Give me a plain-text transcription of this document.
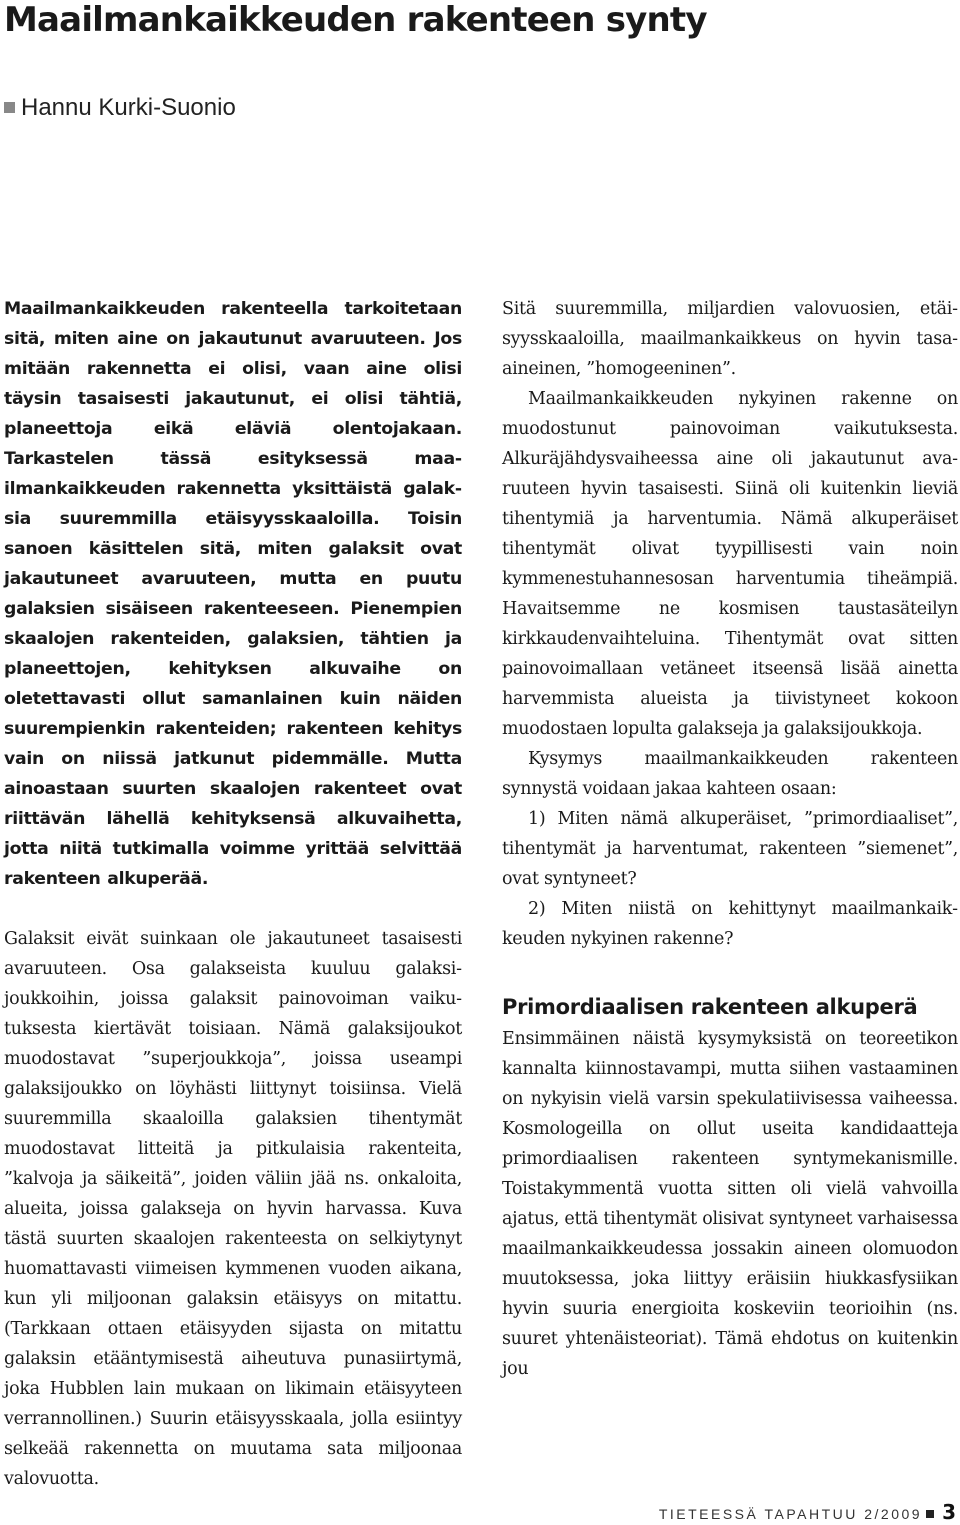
Maailmankaikkeuden rakenteen synty
Hannu Kurki-Suonio

Maailmankaikkeuden rakenteella tarkoitetaan sitä, miten aine on jakautunut avaruuteen. Jos mitään rakennetta ei olisi, vaan aine olisi täysin tasaisesti jakautunut, ei olisi tähtiä, planeettoja eikä eläviä olentojakaan. Tarkastelen tässä esityksessä maailmankaikkeuden rakennetta yksittäistä galaksia suuremmilla etäisyysskaaloilla. Toisin sanoen käsittelen sitä, miten galaksit ovat jakautuneet avaruuteen, mutta en puutu galaksien sisäiseen rakenteeseen. Pienempien skaalojen rakenteiden, galaksien, tähtien ja planeettojen, kehityksen alkuvaihe on oletettavasti ollut samanlainen kuin näiden suurempienkin rakenteiden; rakenteen kehitys vain on niissä jatkunut pidemmälle. Mutta ainoastaan suurten skaalojen rakenteet ovat riittävän lähellä kehityksensä alkuvaihetta, jotta niitä tutkimalla voimme yrittää selvittää rakenteen alkuperää.

Galaksit eivät suinkaan ole jakautuneet tasaisesti avaruuteen. Osa galakseista kuuluu galaksijoukkoihin, joissa galaksit painovoiman vaikutuksesta kiertävät toisiaan. Nämä galaksijoukot muodostavat ”superjoukkoja”, joissa useampi galaksijoukko on löyhästi liittynyt toisiinsa. Vielä suuremmilla skaaloilla galaksien tihentymät muodostavat litteitä ja pitkulaisia rakenteita, ”kalvoja ja säikeitä”, joiden väliin jää ns. onkaloita, alueita, joissa galakseja on hyvin harvassa. Kuva tästä suurten skaalojen rakenteesta on selkiytynyt huomattavasti viimeisen kymmenen vuoden aikana, kun yli miljoonan galaksin etäisyys on mitattu. (Tarkkaan ottaen etäisyyden sijasta on mitattu galaksin etääntymisestä aiheutuva punasiirtymä, joka Hubblen lain mukaan on likimain etäisyyteen verrannollinen.) Suurin etäisyysskaala, jolla esiintyy selkeää rakennetta on muutama sata miljoonaa valovuotta.

Sitä suuremmilla, miljardien valovuosien, etäisyysskaaloilla, maailmankaikkeus on hyvin tasaaineinen, ”homogeeninen”.

Maailmankaikkeuden nykyinen rakenne on muodostunut painovoiman vaikutuksesta. Alkuräjähdysvaiheessa aine oli jakautunut avaruuteen hyvin tasaisesti. Siinä oli kuitenkin lieviä tihentymiä ja harventumia. Nämä alkuperäiset tihentymät olivat tyypillisesti vain noin kymmenestuhannesosan harventumia tiheämpiä. Havaitsemme ne kosmisen taustasäteilyn kirkkaudenvaihteluina. Tihentymät ovat sitten painovoimallaan vetäneet itseensä lisää ainetta harvemmista alueista ja tiivistyneet kokoon muodostaen lopulta galakseja ja galaksijoukkoja.

Kysymys maailmankaikkeuden rakenteen synnystä voidaan jakaa kahteen osaan:

1) Miten nämä alkuperäiset, ”primordiaaliset”, tihentymät ja harventumat, rakenteen ”siemenet”, ovat syntyneet?

2) Miten niistä on kehittynyt maailmankaikkeuden nykyinen rakenne?

Primordiaalisen rakenteen alkuperä

Ensimmäinen näistä kysymyksistä on teoreetikon kannalta kiinnostavampi, mutta siihen vastaaminen on nykyisin vielä varsin spekulatiivisessa vaiheessa. Kosmologeilla on ollut useita kandidaatteja primordiaalisen rakenteen syntymekanismille. Toistakymmentä vuotta sitten oli vielä vahvoilla ajatus, että tihentymät olisivat syntyneet varhaisessa maailmankaikkeudessa jossakin aineen olomuodon muutoksessa, joka liittyy eräisiin hiukkasfysiikan hyvin suuria energioita koskeviin teorioihin (ns. suuret yhtenäisteoriat). Tämä ehdotus on kuitenkin jou

TIETEESSÄ TAPAHTUU 2/2009 3
